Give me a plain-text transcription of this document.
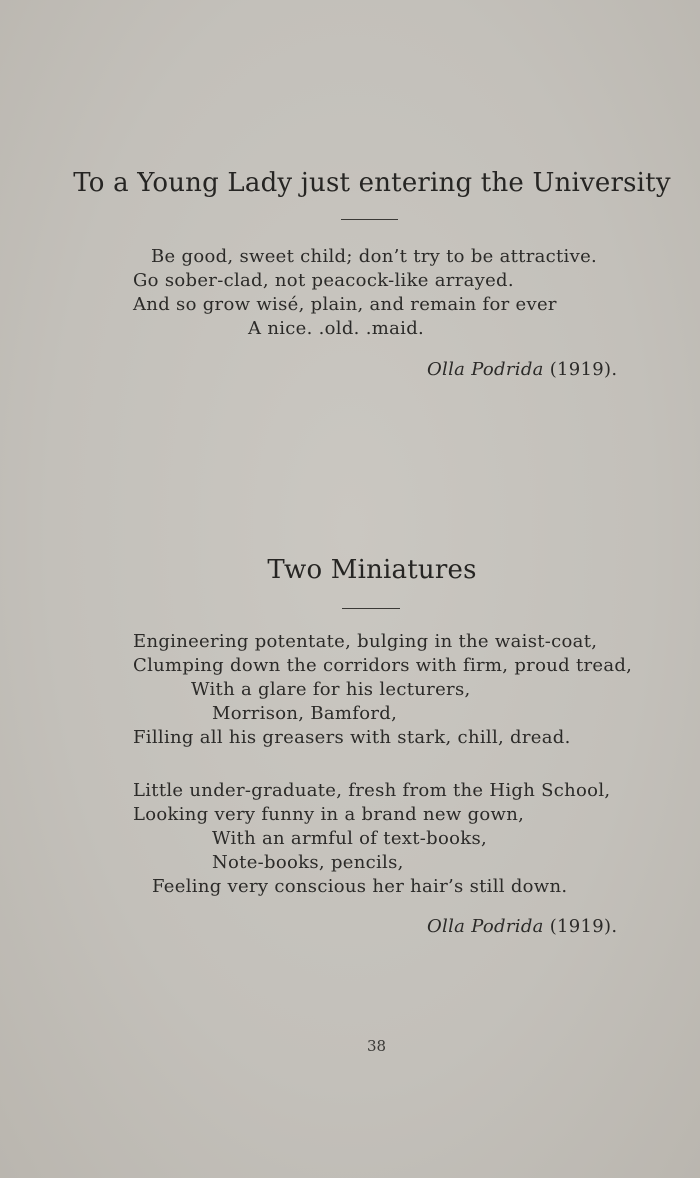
To a Young Lady just entering the University
Be good, sweet child; don’t try to be attractive.
Go sober-clad, not peacock-like arrayed.
And so grow wisé, plain, and remain for ever
A nice. .old. .maid.
Olla Podrida (1919).
Two Miniatures
Engineering potentate, bulging in the waist-coat,
Clumping down the corridors with firm, proud tread,
With a glare for his lecturers,
Morrison, Bamford,
Filling all his greasers with stark, chill, dread.
Little under-graduate, fresh from the High School,
Looking very funny in a brand new gown,
With an armful of text-books,
Note-books, pencils,
Feeling very conscious her hair’s still down.
Olla Podrida (1919).
38
